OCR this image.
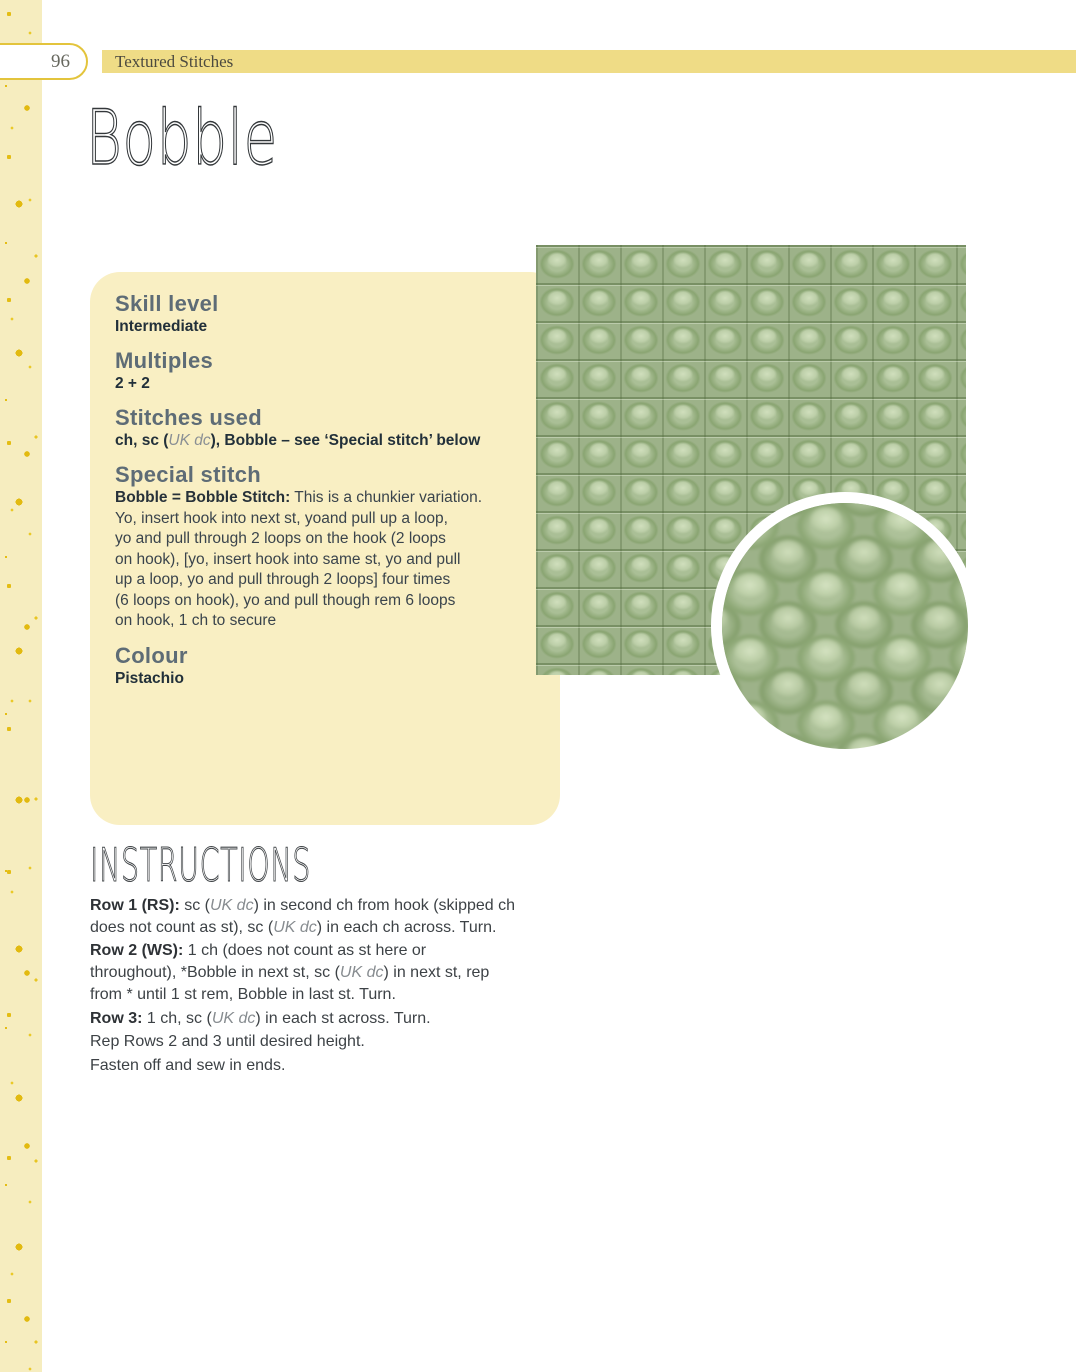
96	Textured Stitches
Bobble
Skill level

Intermediate

Multiples

2 + 2

Stitches used

ch, sc (UK dc), Bobble – see ‘Special stitch’ below

Special stitch

Bobble = Bobble Stitch: This is a chunkier variation.
Yo, insert hook into next st, yoand pull up a loop,
yo and pull through 2 loops on the hook (2 loops
on hook), [yo, insert hook into same st, yo and pull
up a loop, yo and pull through 2 loops] four times
(6 loops on hook), yo and pull though rem 6 loops
on hook, 1 ch to secure

Colour

Pistachio

INSTRUCTIONS

Row 1 (RS): sc (UK dc) in second ch from hook (skipped ch
does not count as st), sc (UK dc) in each ch across. Turn.

Row 2 (WS): 1 ch (does not count as st here or
throughout), *Bobble in next st, sc (UK dc) in next st, rep
from * until 1 st rem, Bobble in last st. Turn.

Row 3: 1 ch, sc (UK dc) in each st across. Turn.

Rep Rows 2 and 3 until desired height.

Fasten off and sew in ends.
